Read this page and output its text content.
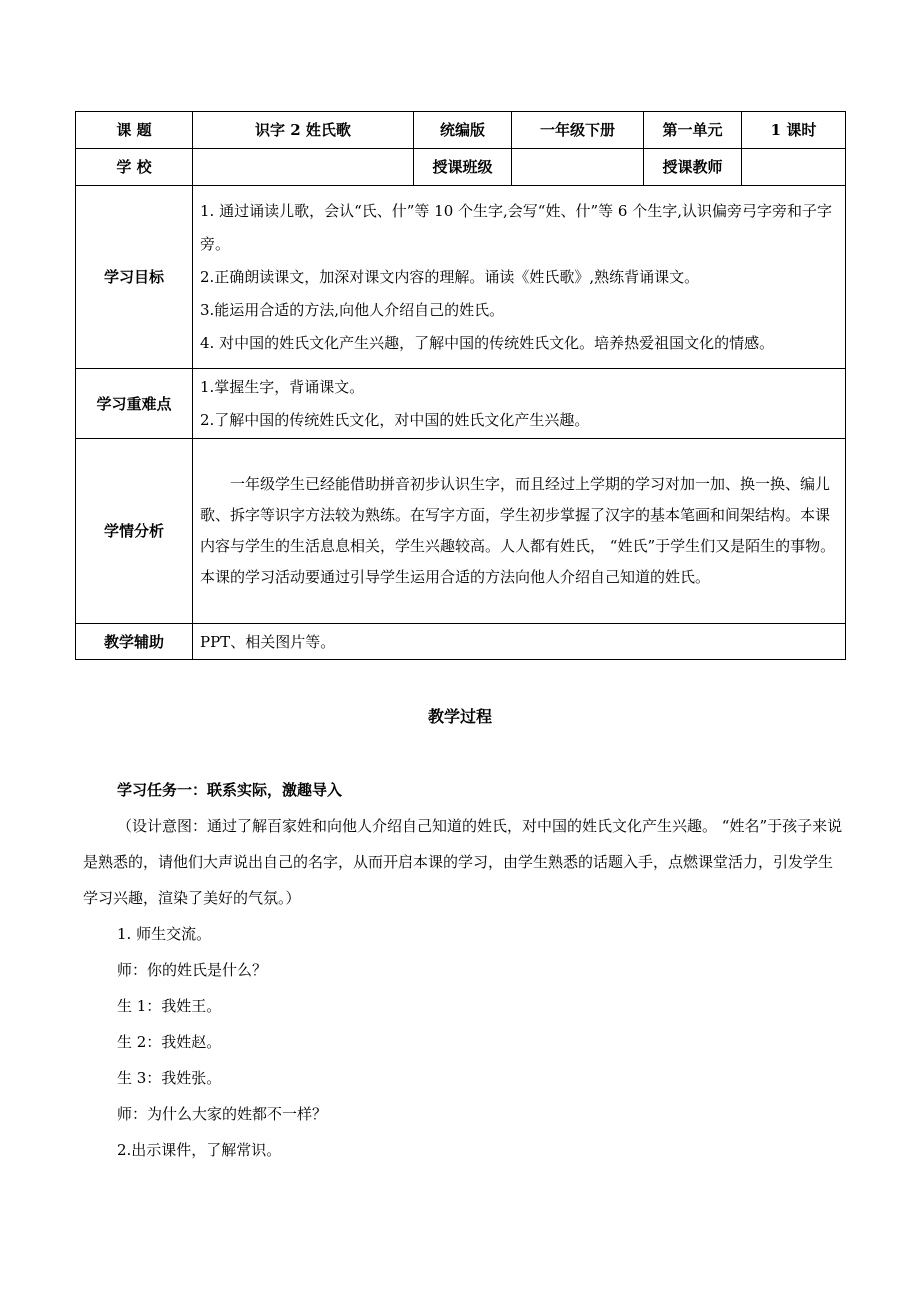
课 题	识字 2 姓氏歌	统编版	一年级下册	第一单元	1 课时
学 校		授课班级		授课教师	
学习目标	1. 通过诵读儿歌，会认“氏、什”等 10 个生字,会写“姓、什”等 6 个生字,认识偏旁弓字旁和子字旁。

2.正确朗读课文，加深对课文内容的理解。诵读《姓氏歌》,熟练背诵课文。

3.能运用合适的方法,向他人介绍自己的姓氏。

4. 对中国的姓氏文化产生兴趣，了解中国的传统姓氏文化。培养热爱祖国文化的情感。				

学习重难点	1.掌握生字，背诵课文。

2.了解中国的传统姓氏文化，对中国的姓氏文化产生兴趣。				

学情分析	一年级学生已经能借助拼音初步认识生字，而且经过上学期的学习对加一加、换一换、编儿歌、拆字等识字方法较为熟练。在写字方面，学生初步掌握了汉字的基本笔画和间架结构。本课内容与学生的生活息息相关，学生兴趣较高。人人都有姓氏， “姓氏”于学生们又是陌生的事物。本课的学习活动要通过引导学生运用合适的方法向他人介绍自己知道的姓氏。				

教学辅助	PPT、相关图片等。				
教学过程

学习任务一：联系实际，激趣导入

（设计意图：通过了解百家姓和向他人介绍自己知道的姓氏，对中国的姓氏文化产生兴趣。 “姓名”于孩子来说是熟悉的，请他们大声说出自己的名字，从而开启本课的学习，由学生熟悉的话题入手，点燃课堂活力，引发学生学习兴趣，渲染了美好的气氛。）

1. 师生交流。

师：你的姓氏是什么？

生 1：我姓王。

生 2：我姓赵。

生 3：我姓张。

师：为什么大家的姓都不一样？

2.出示课件，了解常识。
